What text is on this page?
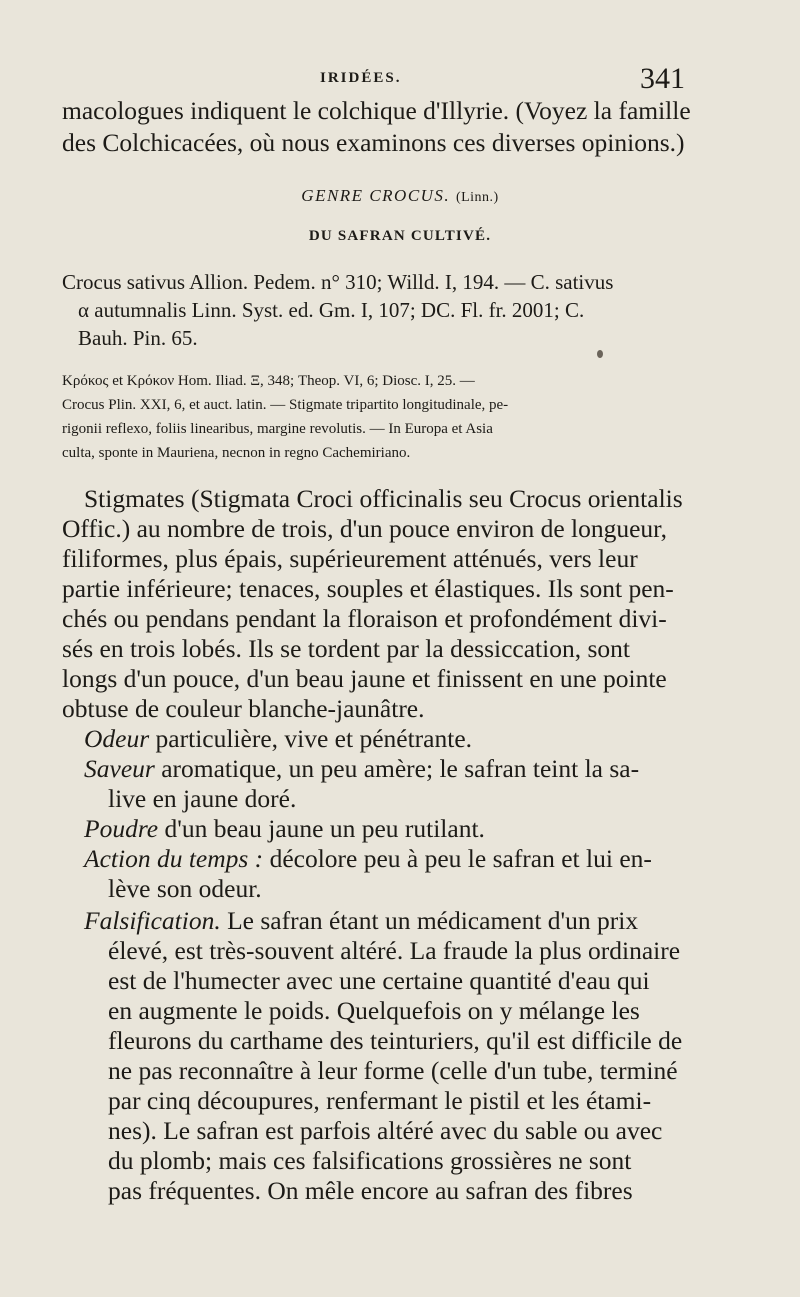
IRIDÉES.	341
macologues indiquent le colchique d'Illyrie. (Voyez la famille
des Colchicacées, où nous examinons ces diverses opinions.)
GENRE CROCUS. (Linn.)
DU SAFRAN CULTIVÉ.
Crocus sativus Allion. Pedem. n° 310; Willd. I, 194. — C. sativus
α autumnalis Linn. Syst. ed. Gm. I, 107; DC. Fl. fr. 2001; C.
Bauh. Pin. 65.
Κρόκος et Κρόκον Hom. Iliad. Ξ, 348; Theop. VI, 6; Diosc. I, 25. —
Crocus Plin. XXI, 6, et auct. latin. — Stigmate tripartito longitudinale, pe-
rigonii reflexo, foliis linearibus, margine revolutis. — In Europa et Asia
culta, sponte in Mauriena, necnon in regno Cachemiriano.
Stigmates (Stigmata Croci officinalis seu Crocus orientalis
Offic.) au nombre de trois, d'un pouce environ de longueur,
filiformes, plus épais, supérieurement atténués, vers leur
partie inférieure; tenaces, souples et élastiques. Ils sont pen-
chés ou pendans pendant la floraison et profondément divi-
sés en trois lobés. Ils se tordent par la dessiccation, sont
longs d'un pouce, d'un beau jaune et finissent en une pointe
obtuse de couleur blanche-jaunâtre.
Odeur particulière, vive et pénétrante.
Saveur aromatique, un peu amère; le safran teint la sa-
live en jaune doré.
Poudre d'un beau jaune un peu rutilant.
Action du temps : décolore peu à peu le safran et lui en-
lève son odeur.
Falsification. Le safran étant un médicament d'un prix
élevé, est très-souvent altéré. La fraude la plus ordinaire
est de l'humecter avec une certaine quantité d'eau qui
en augmente le poids. Quelquefois on y mélange les
fleurons du carthame des teinturiers, qu'il est difficile de
ne pas reconnaître à leur forme (celle d'un tube, terminé
par cinq découpures, renfermant le pistil et les étami-
nes). Le safran est parfois altéré avec du sable ou avec
du plomb; mais ces falsifications grossières ne sont
pas fréquentes. On mêle encore au safran des fibres
